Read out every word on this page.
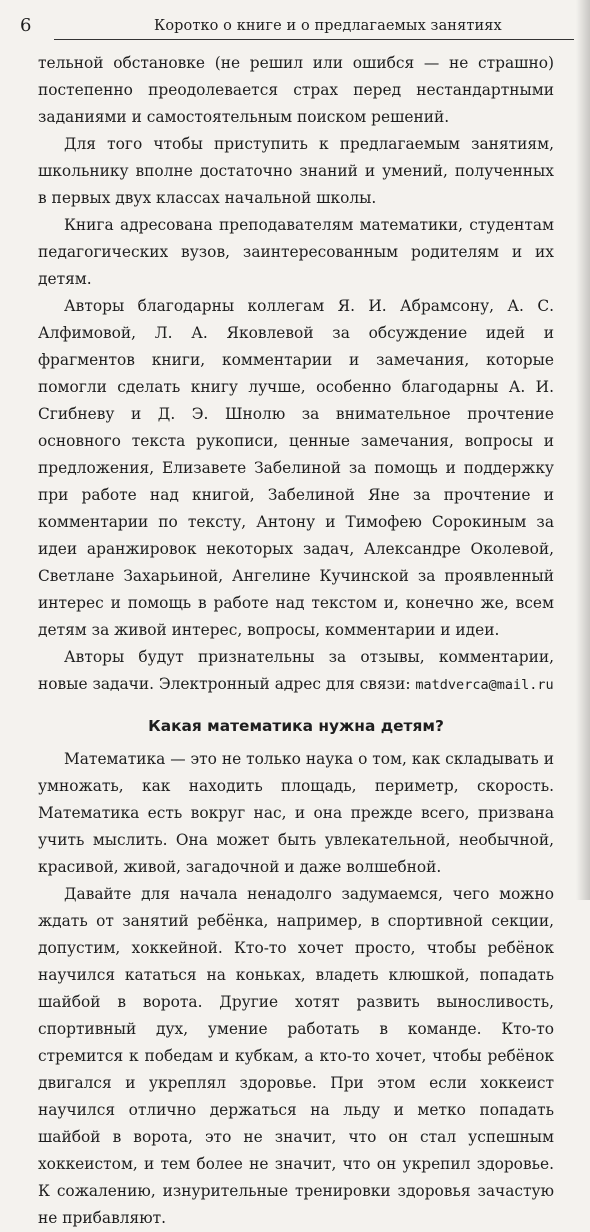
6	Коротко о книге и о предлагаемых занятиях

тельной обстановке (не решил или ошибся — не страшно) постепенно преодолевается страх перед нестандартными заданиями и самостоятельным поиском решений.

Для того чтобы приступить к предлагаемым занятиям, школьнику вполне достаточно знаний и умений, полученных в первых двух классах начальной школы.

Книга адресована преподавателям математики, студентам педагогических вузов, заинтересованным родителям и их детям.

Авторы благодарны коллегам Я. И. Абрамсону, А. С. Алфимовой, Л. А. Яковлевой за обсуждение идей и фрагментов книги, комментарии и замечания, которые помогли сделать книгу лучше, особенно благодарны А. И. Сгибневу и Д. Э. Шнолю за внимательное прочтение основного текста рукописи, ценные замечания, вопросы и предложения, Елизавете Забелиной за помощь и поддержку при работе над книгой, Забелиной Яне за прочтение и комментарии по тексту, Антону и Тимофею Сорокиным за идеи аранжировок некоторых задач, Александре Околевой, Светлане Захарьиной, Ангелине Кучинской за проявленный интерес и помощь в работе над текстом и, конечно же, всем детям за живой интерес, вопросы, комментарии и идеи.

Авторы будут признательны за отзывы, комментарии, новые задачи. Электронный адрес для связи: matdverca@mail.ru

Какая математика нужна детям?

Математика — это не только наука о том, как складывать и умножать, как находить площадь, периметр, скорость. Математика есть вокруг нас, и она прежде всего, призвана учить мыслить. Она может быть увлекательной, необычной, красивой, живой, загадочной и даже волшебной.

Давайте для начала ненадолго задумаемся, чего можно ждать от занятий ребёнка, например, в спортивной секции, допустим, хоккейной. Кто-то хочет просто, чтобы ребёнок научился кататься на коньках, владеть клюшкой, попадать шайбой в ворота. Другие хотят развить выносливость, спортивный дух, умение работать в команде. Кто-то стремится к победам и кубкам, а кто-то хочет, чтобы ребёнок двигался и укреплял здоровье. При этом если хоккеист научился отлично держаться на льду и метко попадать шайбой в ворота, это не значит, что он стал успешным хоккеистом, и тем более не значит, что он укрепил здоровье. К сожалению, изнурительные тренировки здоровья зачастую не прибавляют.
